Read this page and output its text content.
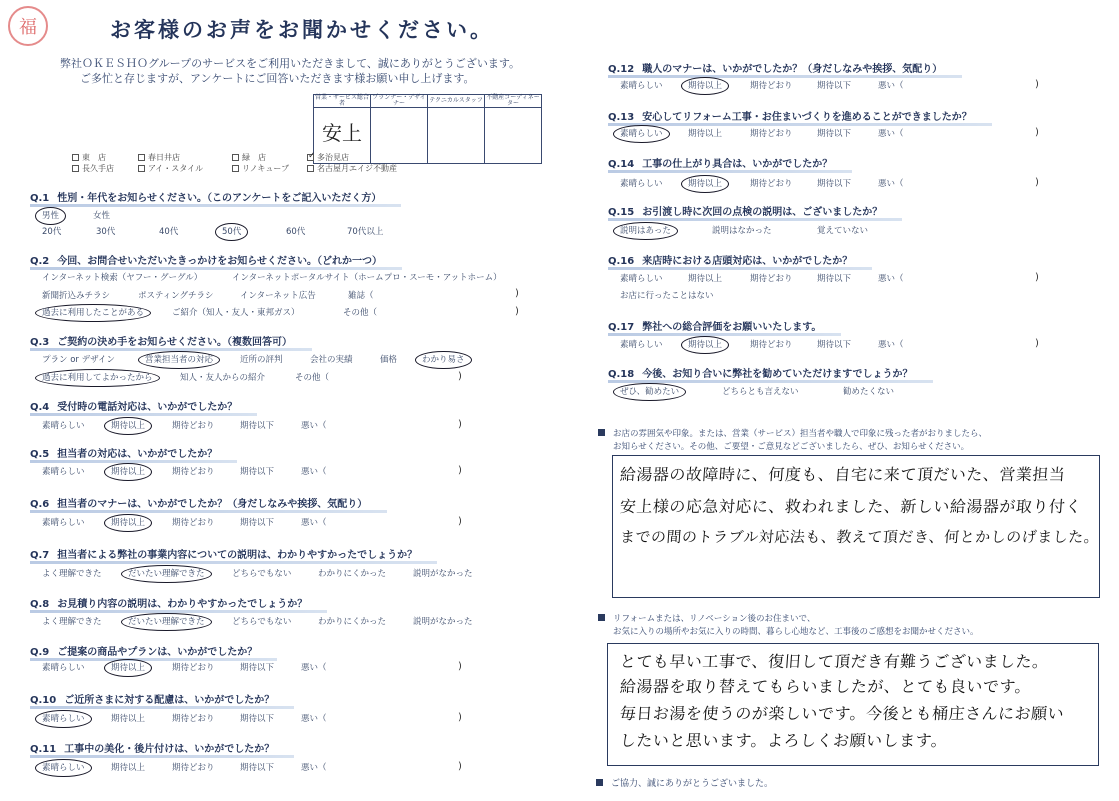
福	お客様のお声をお聞かせください。
弊社ＯＫＥＳＨＯグループのサービスをご利用いただきまして、誠にありがとうございます。
ご多忙と存じますが、アンケートにご回答いただきます様お願い申し上げます。
営業・サービス総合者	プランナー・デザイナー	テクニカルスタッフ	不動産コーディネーター
安上			
東　店	春日井店	緑　店	✓ 多治見店
長久手店	アイ・スタイル	リノキューブ	名古屋月エイジ不動産
Q.1 性別・年代をお知らせください。（このアンケートをご記入いただく方）
男性	女性
20代	30代	40代	50代	60代	70代以上
Q.2 今回、お問合せいただいたきっかけをお知らせください。（どれか一つ）
インターネット検索（ヤフー・グーグル）	インターネットポータルサイト（ホームプロ・スーモ・アットホーム）
新聞折込みチラシ	ポスティングチラシ	インターネット広告	雑誌（	)
過去に利用したことがある	ご紹介（知人・友人・東邦ガス）	その他（	)
Q.3 ご契約の決め手をお知らせください。（複数回答可）
プラン or デザイン	営業担当者の対応	近所の評判	会社の実績	価格	わかり易さ
過去に利用してよかったから	知人・友人からの紹介	その他（	)
Q.4 受付時の電話対応は、いかがでしたか？
素晴らしい	期待以上	期待どおり	期待以下	悪い（	)
Q.5 担当者の対応は、いかがでしたか？
素晴らしい	期待以上	期待どおり	期待以下	悪い（	)
Q.6 担当者のマナーは、いかがでしたか？（身だしなみや挨拶、気配り）
素晴らしい	期待以上	期待どおり	期待以下	悪い（	)
Q.7 担当者による弊社の事業内容についての説明は、わかりやすかったでしょうか？
よく理解できた	だいたい理解できた	どちらでもない	わかりにくかった	説明がなかった
Q.8 お見積り内容の説明は、わかりやすかったでしょうか？
よく理解できた	だいたい理解できた	どちらでもない	わかりにくかった	説明がなかった
Q.9 ご提案の商品やプランは、いかがでしたか？
素晴らしい	期待以上	期待どおり	期待以下	悪い（	)
Q.10 ご近所さまに対する配慮は、いかがでしたか？
素晴らしい	期待以上	期待どおり	期待以下	悪い（	)
Q.11 工事中の美化・後片付けは、いかがでしたか？
素晴らしい	期待以上	期待どおり	期待以下	悪い（	)
Q.12 職人のマナーは、いかがでしたか？（身だしなみや挨拶、気配り）
素晴らしい	期待以上	期待どおり	期待以下	悪い（	)
Q.13 安心してリフォーム工事・お住まいづくりを進めることができましたか？
素晴らしい	期待以上	期待どおり	期待以下	悪い（	)
Q.14 工事の仕上がり具合は、いかがでしたか？
素晴らしい	期待以上	期待どおり	期待以下	悪い（	)
Q.15 お引渡し時に次回の点検の説明は、ございましたか？
説明はあった	説明はなかった	覚えていない
Q.16 来店時における店頭対応は、いかがでしたか？
素晴らしい	期待以上	期待どおり	期待以下	悪い（	)
お店に行ったことはない
Q.17 弊社への総合評価をお願いいたします。
素晴らしい	期待以上	期待どおり	期待以下	悪い（	)
Q.18 今後、お知り合いに弊社を勧めていただけますでしょうか？
ぜひ、勧めたい	どちらとも言えない	勧めたくない
お店の雰囲気や印象。または、営業（サービス）担当者や職人で印象に残った者がおりましたら、
お知らせください。その他、ご要望・ご意見などございましたら、ぜひ、お知らせください。
給湯器の故障時に、何度も、自宅に来て頂だいた、営業担当
安上様の応急対応に、救われました、新しい給湯器が取り付く
までの間のトラブル対応法も、教えて頂だき、何とかしのげました。
リフォームまたは、リノベーション後のお住まいで、
お気に入りの場所やお気に入りの時間、暮らし心地など、工事後のご感想をお聞かせください。
とても早い工事で、復旧して頂だき有難うございました。
給湯器を取り替えてもらいましたが、とても良いです。
毎日お湯を使うのが楽しいです。今後とも桶庄さんにお願い
したいと思います。よろしくお願いします。
ご協力、誠にありがとうございました。
